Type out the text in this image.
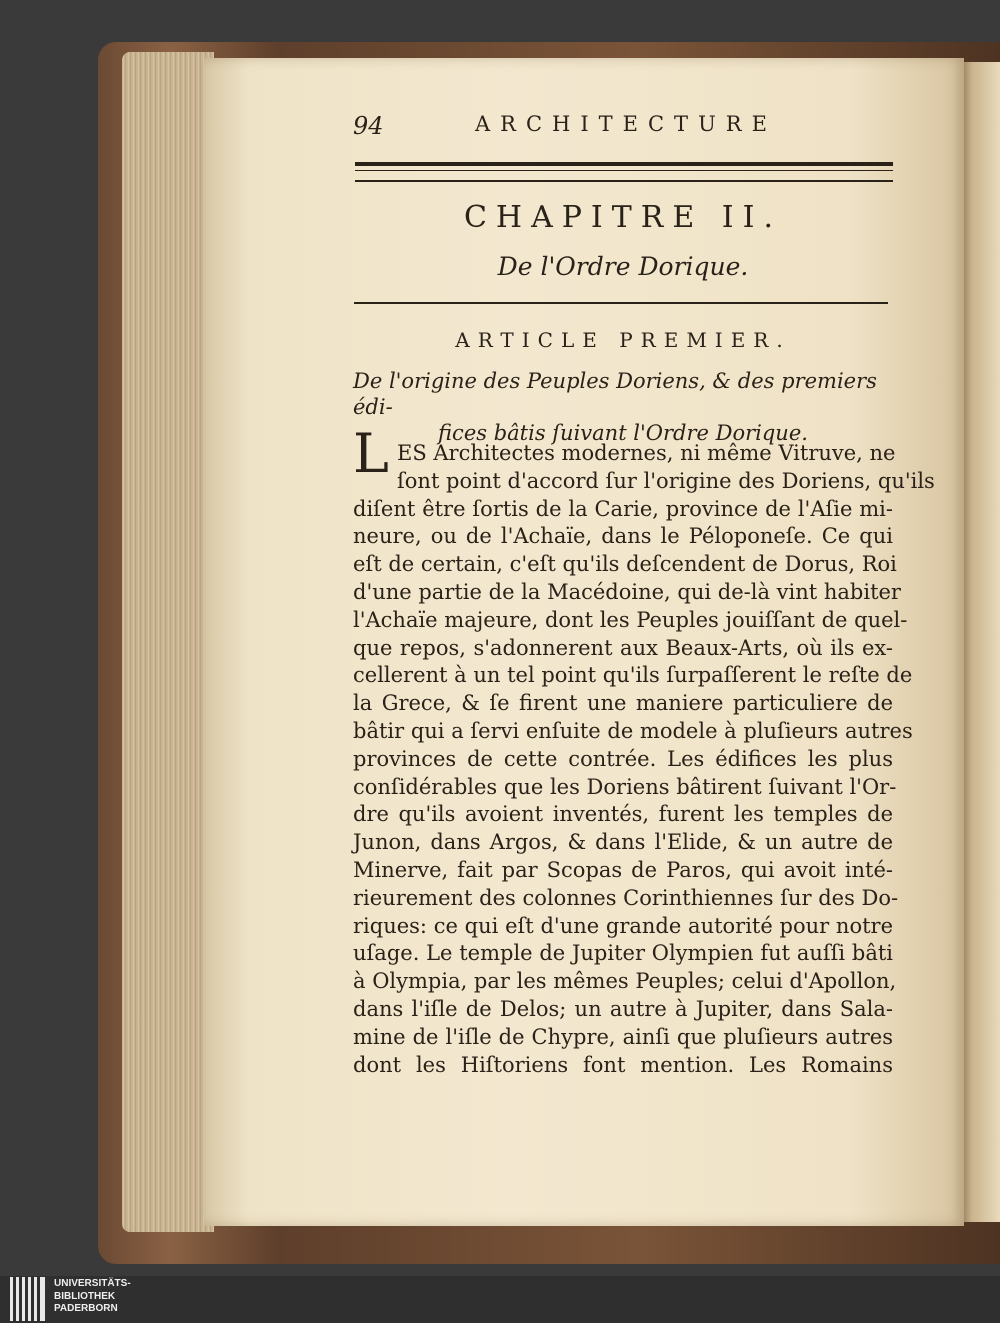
94	ARCHITECTURE
CHAPITRE II.
De l'Ordre Dorique.
ARTICLE PREMIER.
De l'origine des Peuples Doriens, & des premiers édi-
fices bâtis ſuivant l'Ordre Dorique.
L ES Architectes modernes, ni même Vitruve, ne
ſont point d'accord ſur l'origine des Doriens, qu'ils
diſent être ſortis de la Carie, province de l'Aſie mi-
neure, ou de l'Achaïe, dans le Péloponeſe. Ce qui
eſt de certain, c'eſt qu'ils deſcendent de Dorus, Roi
d'une partie de la Macédoine, qui de-là vint habiter
l'Achaïe majeure, dont les Peuples jouiſſant de quel-
que repos, s'adonnerent aux Beaux-Arts, où ils ex-
cellerent à un tel point qu'ils ſurpaſſerent le reſte de
la Grece, & ſe firent une maniere particuliere de
bâtir qui a ſervi enſuite de modele à pluſieurs autres
provinces de cette contrée. Les édifices les plus
conſidérables que les Doriens bâtirent ſuivant l'Or-
dre qu'ils avoient inventés, furent les temples de
Junon, dans Argos, & dans l'Elide, & un autre de
Minerve, fait par Scopas de Paros, qui avoit inté-
rieurement des colonnes Corinthiennes ſur des Do-
riques: ce qui eſt d'une grande autorité pour notre
uſage. Le temple de Jupiter Olympien fut auſſi bâti
à Olympia, par les mêmes Peuples; celui d'Apollon,
dans l'iſle de Delos; un autre à Jupiter, dans Sala-
mine de l'iſle de Chypre, ainſi que pluſieurs autres
dont les Hiſtoriens font mention. Les Romains
UNIVERSITÄTS-
BIBLIOTHEK
PADERBORN
